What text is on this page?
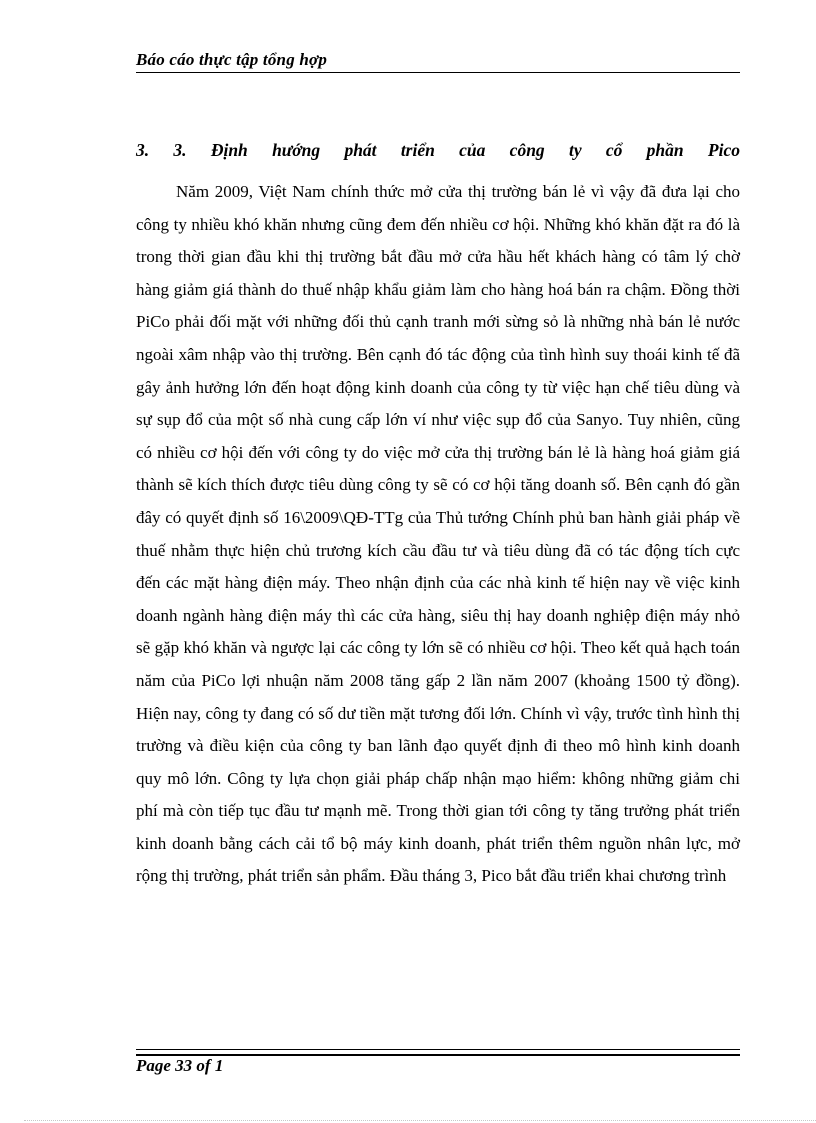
Báo cáo thực tập tổng hợp
3. 3. Định hướng phát triển của công ty cổ phần Pico

Năm 2009, Việt Nam chính thức mở cửa thị trường bán lẻ vì vậy đã đưa lại cho công ty nhiều khó khăn nhưng cũng đem đến nhiều cơ hội. Những khó khăn đặt ra đó là trong thời gian đầu khi thị trường bắt đầu mở cửa hầu hết khách hàng có tâm lý chờ hàng giảm giá thành do thuế nhập khẩu giảm làm cho hàng hoá bán ra chậm. Đồng thời PiCo phải đối mặt với những đối thủ cạnh tranh mới sừng sỏ là những nhà bán lẻ nước ngoài xâm nhập vào thị trường. Bên cạnh đó tác động của tình hình suy thoái kinh tế đã gây ảnh hưởng lớn đến hoạt động kinh doanh của công ty từ việc hạn chế tiêu dùng và sự sụp đổ của một số nhà cung cấp lớn ví như việc sụp đổ của Sanyo. Tuy nhiên, cũng có nhiều cơ hội đến với công ty do việc mở cửa thị trường bán lẻ là hàng hoá giảm giá thành sẽ kích thích được tiêu dùng công ty sẽ có cơ hội tăng doanh số. Bên cạnh đó gần đây có quyết định số 16\2009\QĐ-TTg của Thủ tướng Chính phủ ban hành giải pháp về thuế nhằm thực hiện chủ trương kích cầu đầu tư và tiêu dùng đã có tác động tích cực đến các mặt hàng điện máy. Theo nhận định của các nhà kinh tế hiện nay về việc kinh doanh ngành hàng điện máy thì các cửa hàng, siêu thị hay doanh nghiệp điện máy nhỏ sẽ gặp khó khăn và ngược lại các công ty lớn sẽ có nhiều cơ hội. Theo kết quả hạch toán năm của PiCo lợi nhuận năm 2008 tăng gấp 2 lần năm 2007 (khoảng 1500 tỷ đồng). Hiện nay, công ty đang có số dư tiền mặt tương đối lớn. Chính vì vậy, trước tình hình thị trường và điều kiện của công ty ban lãnh đạo quyết định đi theo mô hình kinh doanh quy mô lớn. Công ty lựa chọn giải pháp chấp nhận mạo hiểm: không những giảm chi phí mà còn tiếp tục đầu tư mạnh mẽ. Trong thời gian tới công ty tăng trưởng phát triển kinh doanh bằng cách cải tổ bộ máy kinh doanh, phát triển thêm nguồn nhân lực, mở rộng thị trường, phát triển sản phẩm. Đầu tháng 3, Pico bắt đầu triển khai chương trình

Page 33 of 1
